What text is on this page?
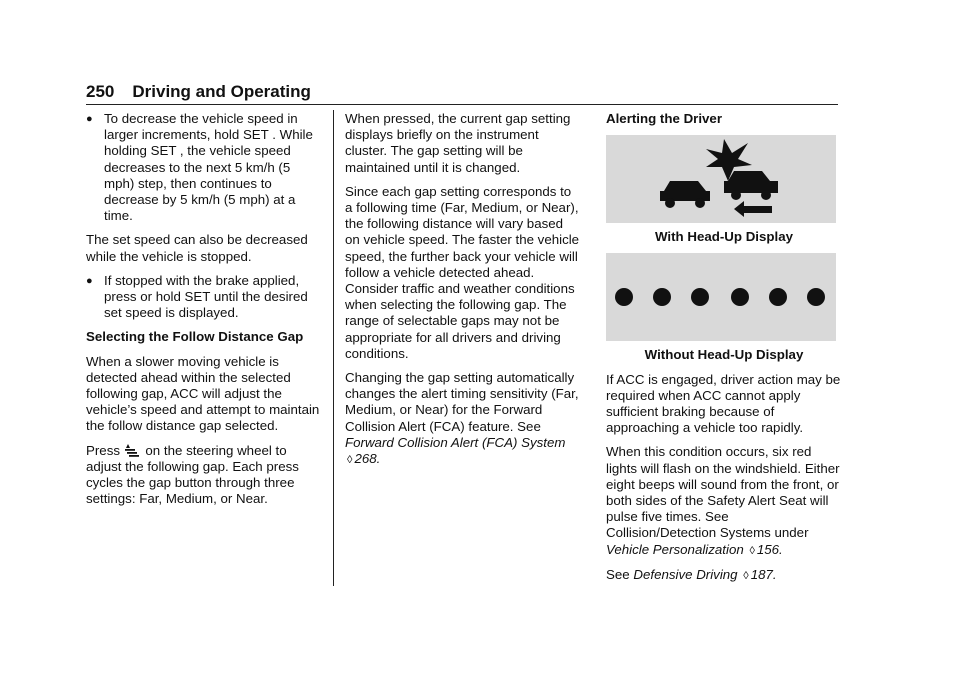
250 Driving and Operating
● To decrease the vehicle speed in larger increments, hold SET . While holding SET , the vehicle speed decreases to the next 5 km/h (5 mph) step, then continues to decrease by 5 km/h (5 mph) at a time.

The set speed can also be decreased while the vehicle is stopped.

● If stopped with the brake applied, press or hold SET until the desired set speed is displayed.

Selecting the Follow Distance Gap

When a slower moving vehicle is detected ahead within the selected following gap, ACC will adjust the vehicle’s speed and attempt to maintain the follow distance gap selected.

Press on the steering wheel to adjust the following gap. Each press cycles the gap button through three settings: Far, Medium, or Near.

When pressed, the current gap setting displays briefly on the instrument cluster. The gap setting will be maintained until it is changed.

Since each gap setting corresponds to a following time (Far, Medium, or Near), the following distance will vary based on vehicle speed. The faster the vehicle speed, the further back your vehicle will follow a vehicle detected ahead. Consider traffic and weather conditions when selecting the following gap. The range of selectable gaps may not be appropriate for all drivers and driving conditions.

Changing the gap setting automatically changes the alert timing sensitivity (Far, Medium, or Near) for the Forward Collision Alert (FCA) feature. See Forward Collision Alert (FCA) System ◊ 268.

Alerting the Driver

With Head-Up Display

Without Head-Up Display

If ACC is engaged, driver action may be required when ACC cannot apply sufficient braking because of approaching a vehicle too rapidly.

When this condition occurs, six red lights will flash on the windshield. Either eight beeps will sound from the front, or both sides of the Safety Alert Seat will pulse five times. See Collision/Detection Systems under Vehicle Personalization ◊ 156.

See Defensive Driving ◊ 187.
